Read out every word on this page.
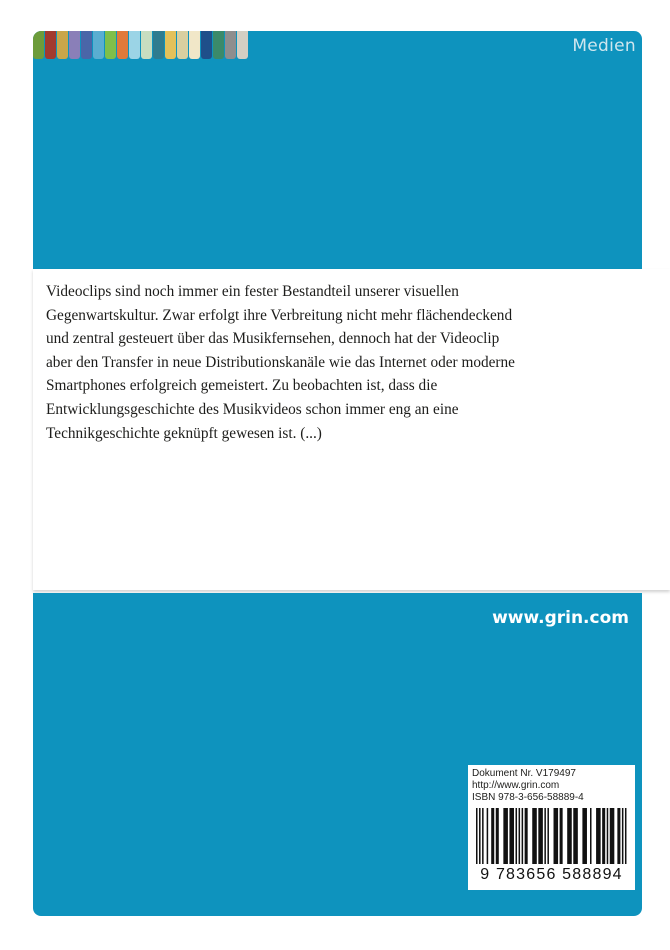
Medien

Videoclips sind noch immer ein fester Bestandteil unserer visuellen
Gegenwartskultur. Zwar erfolgt ihre Verbreitung nicht mehr flächendeckend
und zentral gesteuert über das Musikfernsehen, dennoch hat der Videoclip
aber den Transfer in neue Distributionskanäle wie das Internet oder moderne
Smartphones erfolgreich gemeistert. Zu beobachten ist, dass die
Entwicklungsgeschichte des Musikvideos schon immer eng an eine
Technikgeschichte geknüpft gewesen ist. (...)

www.grin.com
Dokument Nr. V179497
http://www.grin.com
ISBN 978-3-656-58889-4
9 783656 588894
